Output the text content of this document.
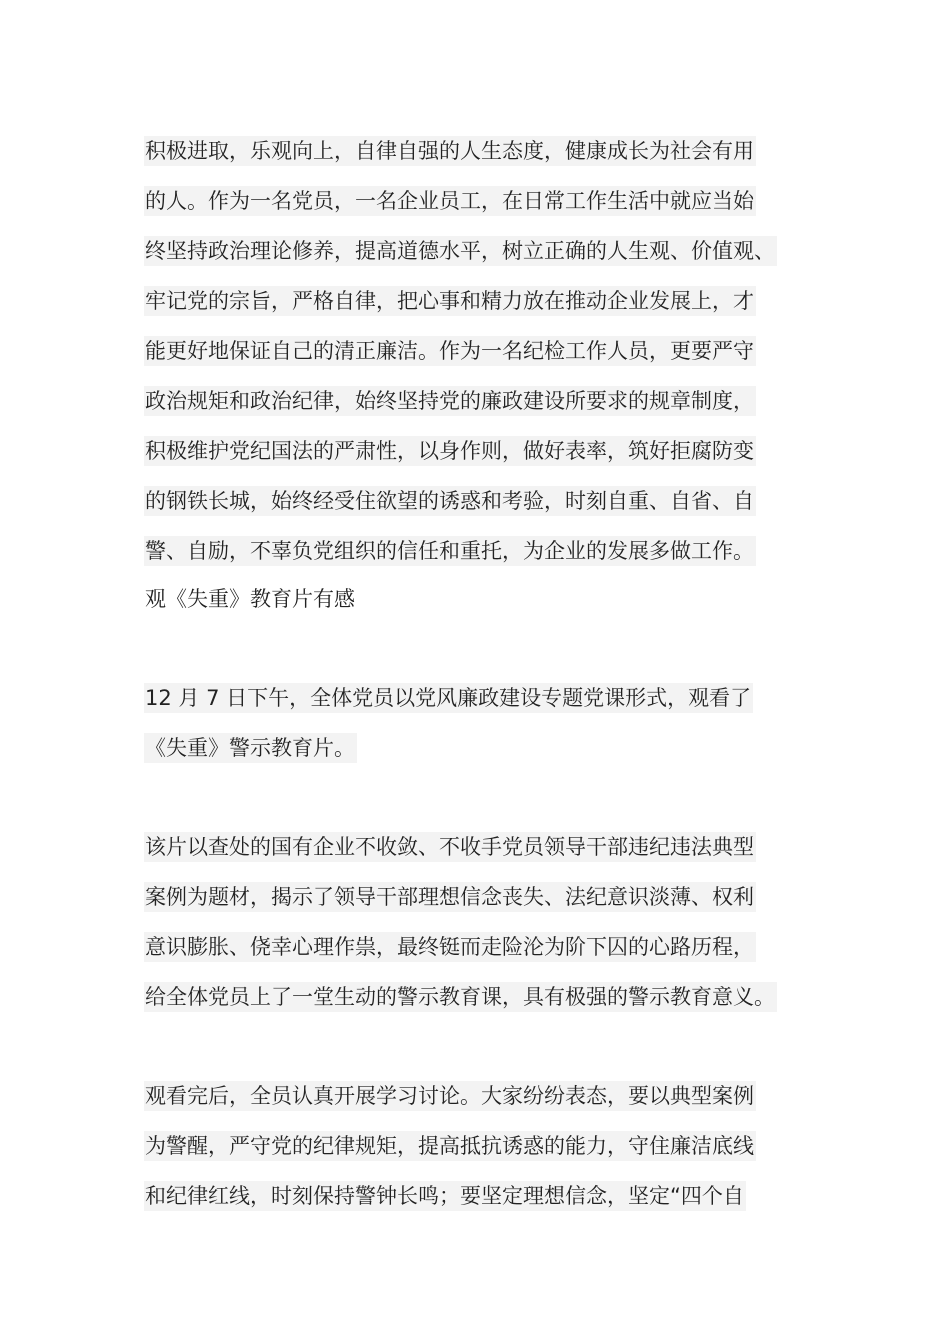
积极进取，乐观向上，自律自强的人生态度，健康成长为社会有用
的人。作为一名党员，一名企业员工，在日常工作生活中就应当始
终坚持政治理论修养，提高道德水平，树立正确的人生观、价值观、
牢记党的宗旨，严格自律，把心事和精力放在推动企业发展上，才
能更好地保证自己的清正廉洁。作为一名纪检工作人员，更要严守
政治规矩和政治纪律，始终坚持党的廉政建设所要求的规章制度，
积极维护党纪国法的严肃性，以身作则，做好表率，筑好拒腐防变
的钢铁长城，始终经受住欲望的诱惑和考验，时刻自重、自省、自
警、自励，不辜负党组织的信任和重托，为企业的发展多做工作。
观《失重》教育片有感
12 月 7 日下午，全体党员以党风廉政建设专题党课形式，观看了
《失重》警示教育片。
该片以查处的国有企业不收敛、不收手党员领导干部违纪违法典型
案例为题材，揭示了领导干部理想信念丧失、法纪意识淡薄、权利
意识膨胀、侥幸心理作祟，最终铤而走险沦为阶下囚的心路历程，
给全体党员上了一堂生动的警示教育课，具有极强的警示教育意义。
观看完后，全员认真开展学习讨论。大家纷纷表态，要以典型案例
为警醒，严守党的纪律规矩，提高抵抗诱惑的能力，守住廉洁底线
和纪律红线，时刻保持警钟长鸣；要坚定理想信念，坚定“四个自
